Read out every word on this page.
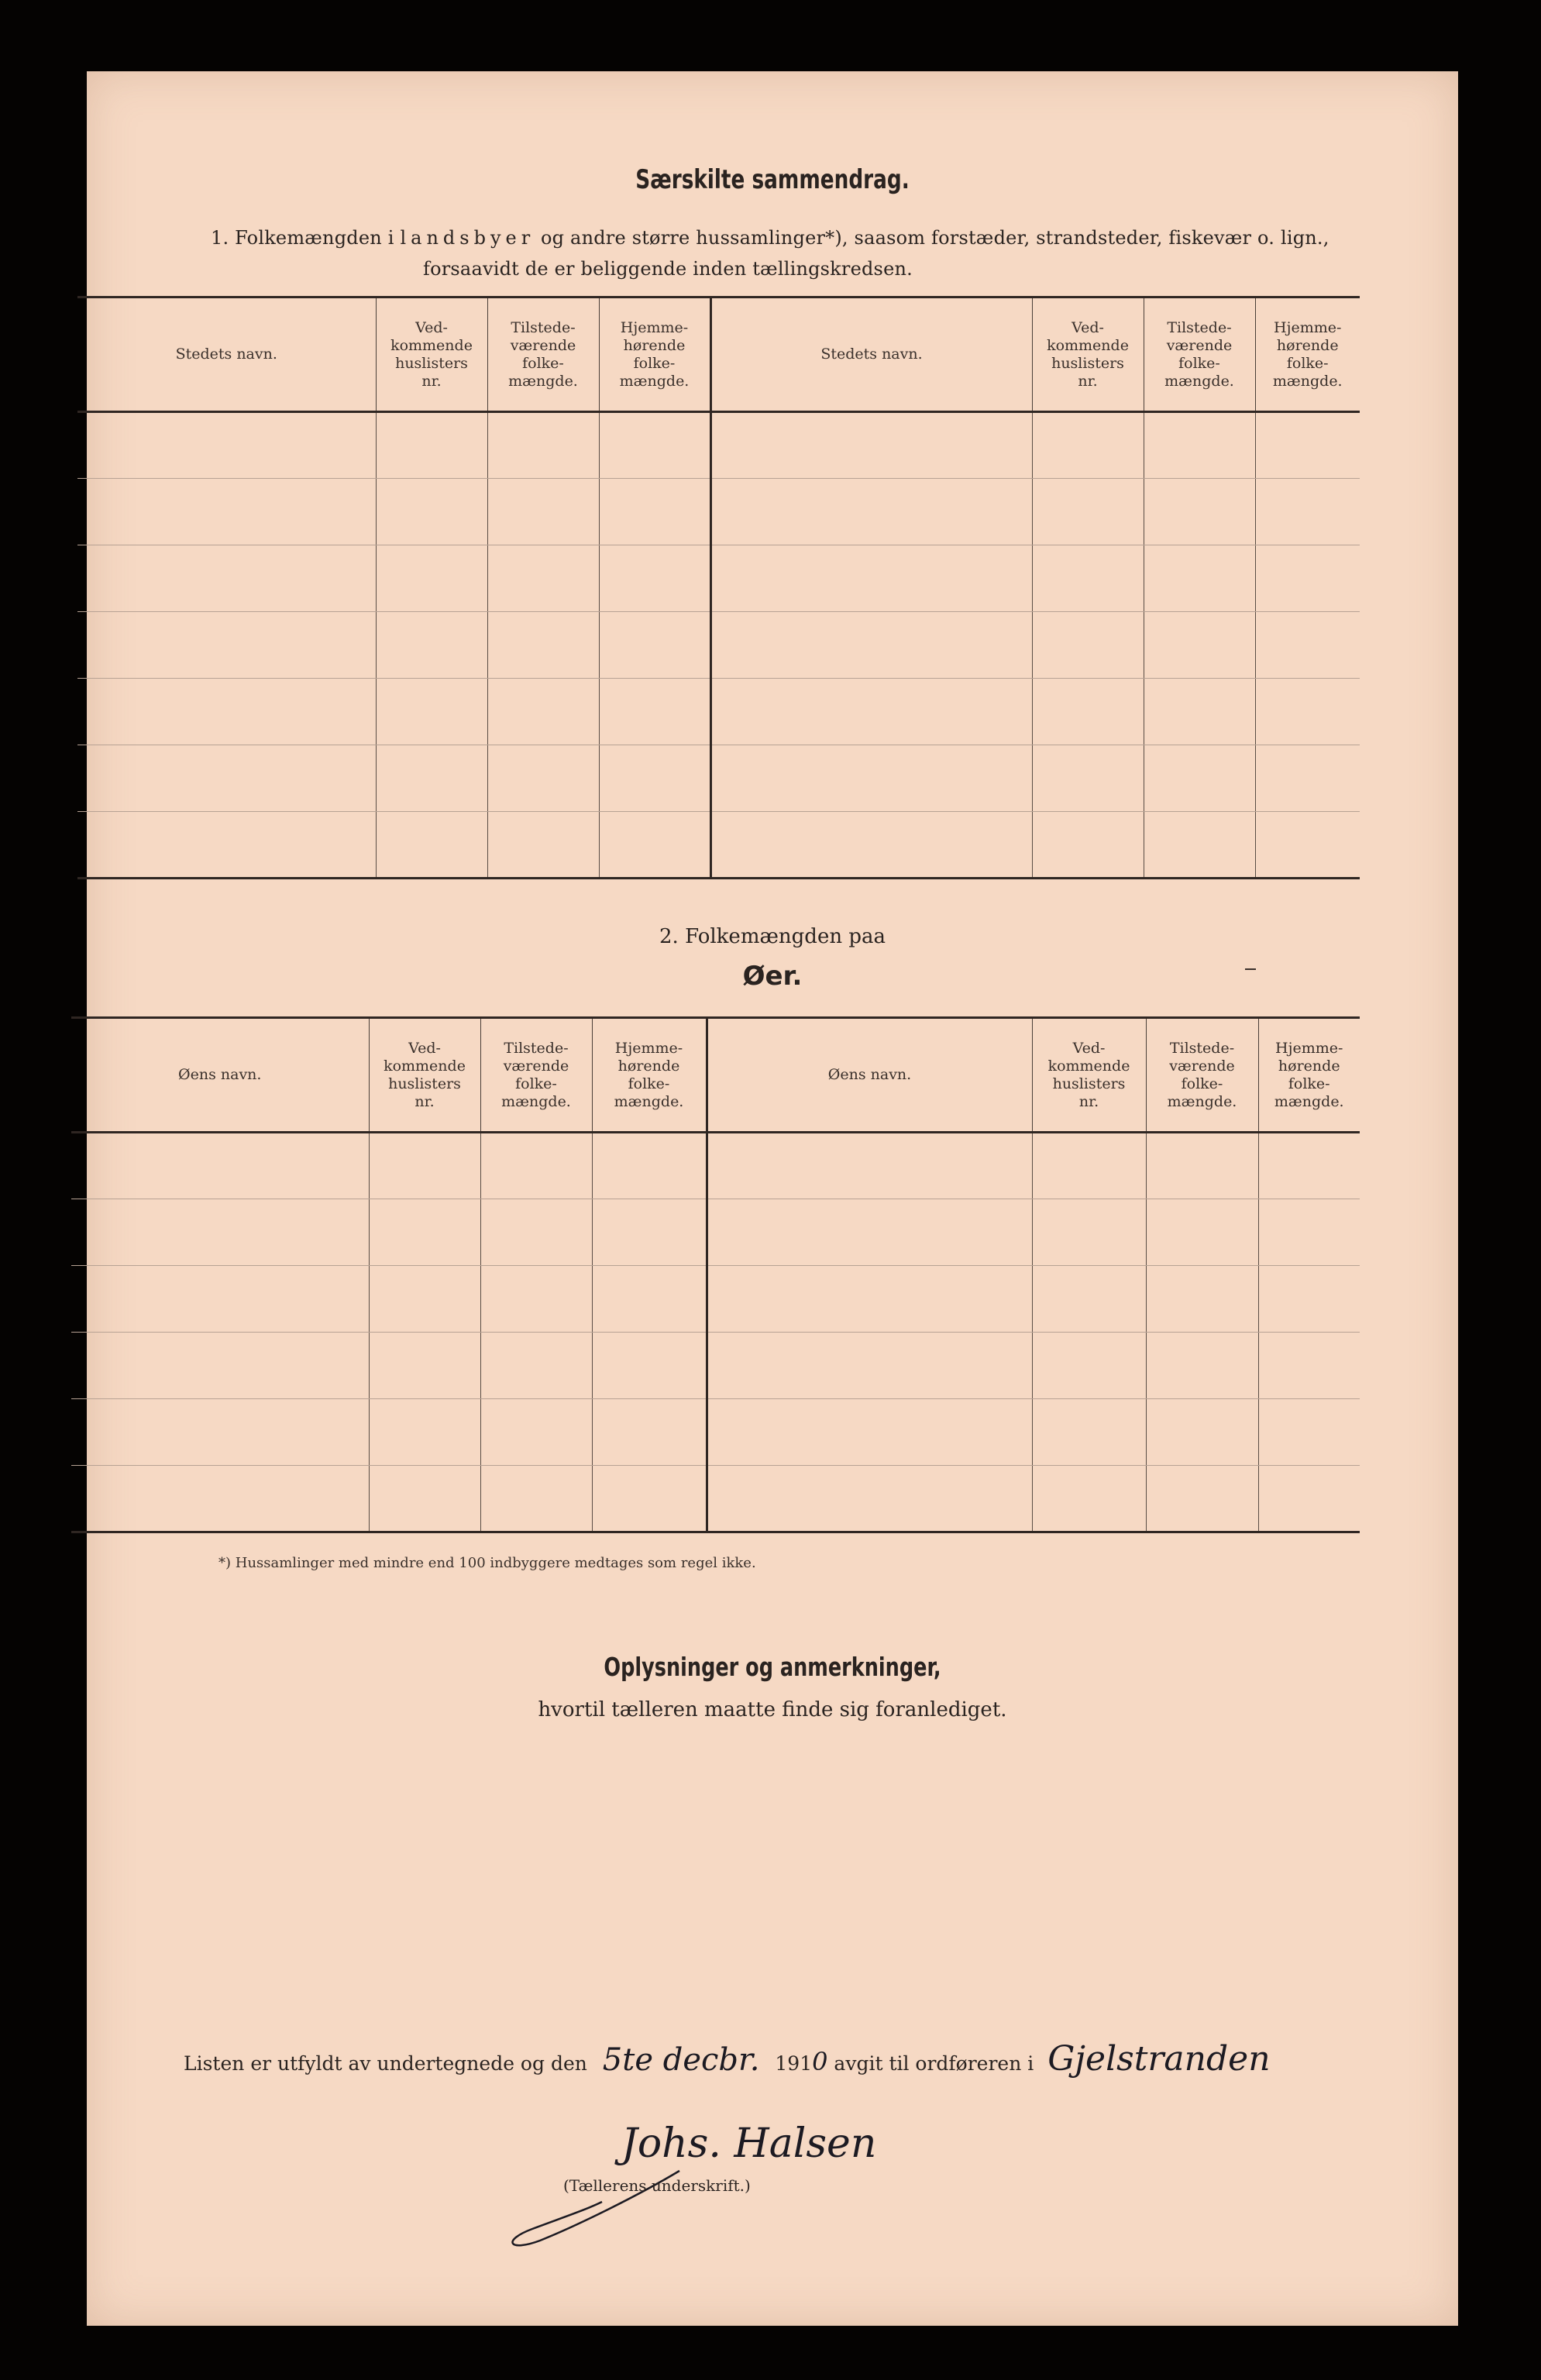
Særskilte sammendrag.
1. Folkemængden i landsbyer og andre større hussamlinger*), saasom forstæder, strandsteder, fiskevær o. lign.,
forsaavidt de er beliggende inden tællingskredsen.
Stedets navn.	Ved-
kommende
huslisters
nr.	Tilstede-
værende
folke-
mængde.	Hjemme-
hørende
folke-
mængde.	Stedets navn.	Ved-
kommende
huslisters
nr.	Tilstede-
værende
folke-
mængde.	Hjemme-
hørende
folke-
mængde.

2. Folkemængden paa
Øer.
Øens navn.	Ved-
kommende
huslisters
nr.	Tilstede-
værende
folke-
mængde.	Hjemme-
hørende
folke-
mængde.	Øens navn.	Ved-
kommende
huslisters
nr.	Tilstede-
værende
folke-
mængde.	Hjemme-
hørende
folke-
mængde.

*) Hussamlinger med mindre end 100 indbyggere medtages som regel ikke.
Oplysninger og anmerkninger,
hvortil tælleren maatte finde sig foranlediget.
Listen er utfyldt av undertegnede og den 5te decbr. 1910 avgit til ordføreren i Gjelstranden
Johs. Halsen
(Tællerens underskrift.)
